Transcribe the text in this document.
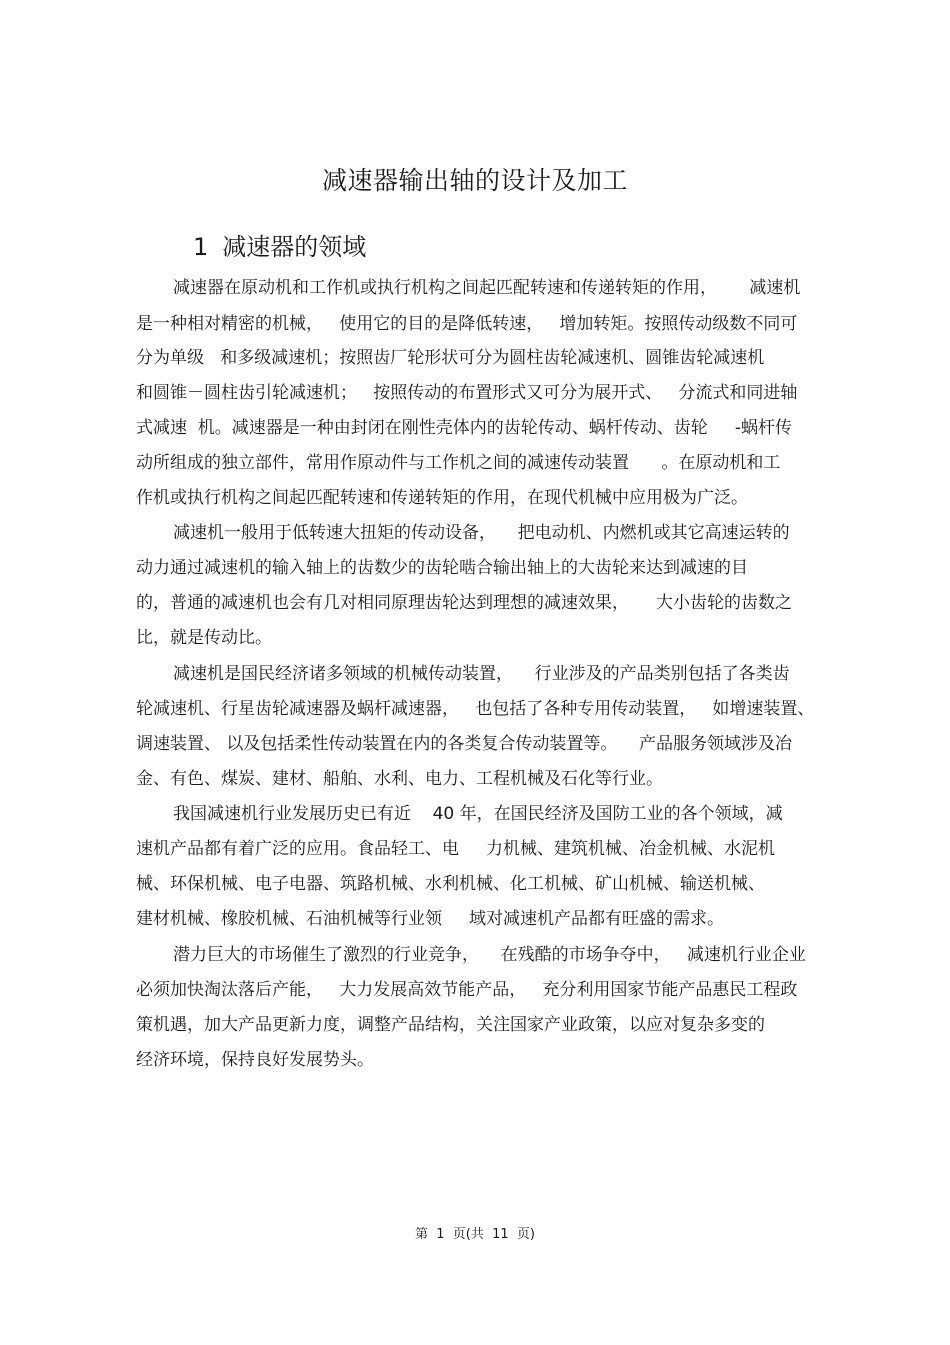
减速器输出轴的设计及加工
1 减速器的领域
减速器在原动机和工作机或执行机构之间起匹配转速和传递转矩的作用，      减速机
是一种相对精密的机械，   使用它的目的是降低转速，   增加转矩。按照传动级数不同可
分为单级   和多级减速机；按照齿厂轮形状可分为圆柱齿轮减速机、圆锥齿轮减速机
和圆锥－圆柱齿引轮减速机；   按照传动的布置形式又可分为展开式、   分流式和同进轴
式减速  机。减速器是一种由封闭在刚性壳体内的齿轮传动、蜗杆传动、齿轮     -蜗杆传
动所组成的独立部件，常用作原动件与工作机之间的减速传动装置      。在原动机和工
作机或执行机构之间起匹配转速和传递转矩的作用，在现代机械中应用极为广泛。
减速机一般用于低转速大扭矩的传动设备，    把电动机、内燃机或其它高速运转的
动力通过减速机的输入轴上的齿数少的齿轮啮合输出轴上的大齿轮来达到减速的目
的，普通的减速机也会有几对相同原理齿轮达到理想的减速效果，     大小齿轮的齿数之
比，就是传动比。
减速机是国民经济诸多领域的机械传动装置，    行业涉及的产品类别包括了各类齿
轮减速机、行星齿轮减速器及蜗杆减速器，   也包括了各种专用传动装置，   如增速装置、
调速装置、 以及包括柔性传动装置在内的各类复合传动装置等。    产品服务领域涉及冶
金、有色、煤炭、建材、船舶、水利、电力、工程机械及石化等行业。
我国减速机行业发展历史已有近    40 年，在国民经济及国防工业的各个领域，减
速机产品都有着广泛的应用。食品轻工、电     力机械、建筑机械、冶金机械、水泥机
械、环保机械、电子电器、筑路机械、水利机械、化工机械、矿山机械、输送机械、
建材机械、橡胶机械、石油机械等行业领     域对减速机产品都有旺盛的需求。
潜力巨大的市场催生了激烈的行业竞争，    在残酷的市场争夺中，   减速机行业企业
必须加快淘汰落后产能，   大力发展高效节能产品，   充分利用国家节能产品惠民工程政
策机遇，加大产品更新力度，调整产品结构，关注国家产业政策，以应对复杂多变的
经济环境，保持良好发展势头。
第  1  页(共  11  页)
